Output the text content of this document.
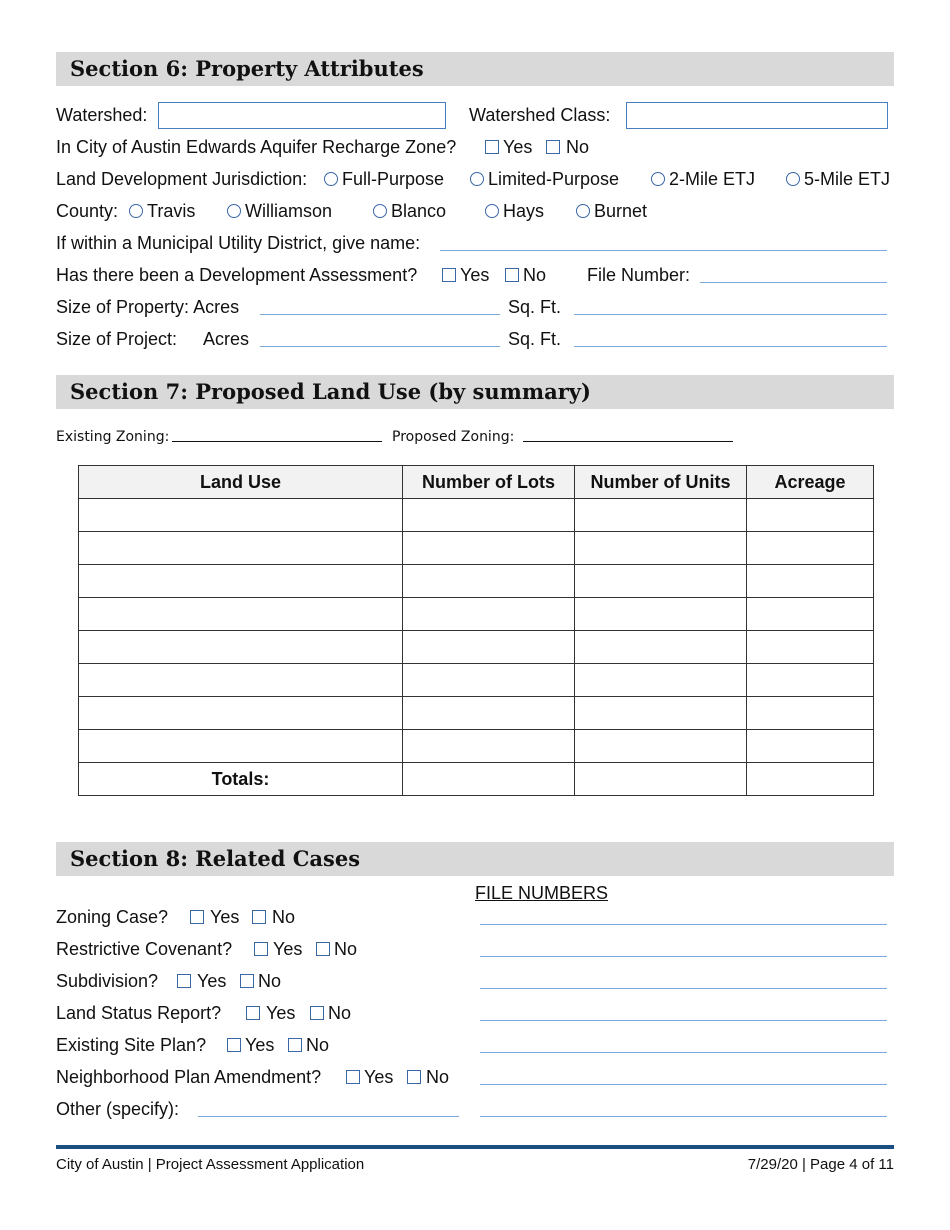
Section 6: Property Attributes
Watershed:	Watershed Class:
In City of Austin Edwards Aquifer Recharge Zone?	Yes No
Land Development Jurisdiction: Full-Purpose Limited-Purpose	2-Mile ETJ	5-Mile ETJ
County: Travis	Williamson	Blanco	Hays	Burnet
If within a Municipal Utility District, give name:
Has there been a Development Assessment? Yes No File Number:
Size of Property: Acres	Sq. Ft.
Size of Project: Acres	Sq. Ft.
Section 7: Proposed Land Use (by summary)
Existing Zoning:	Proposed Zoning:
Land Use	Number of Lots	Number of Units	Acreage

Totals:			
Section 8: Related Cases
FILE NUMBERS
Zoning Case? Yes No
Restrictive Covenant? Yes No
Subdivision? Yes No
Land Status Report? Yes No
Existing Site Plan? Yes No
Neighborhood Plan Amendment? Yes No
Other (specify):
City of Austin | Project Assessment Application	7/29/20 | Page 4 of 11
